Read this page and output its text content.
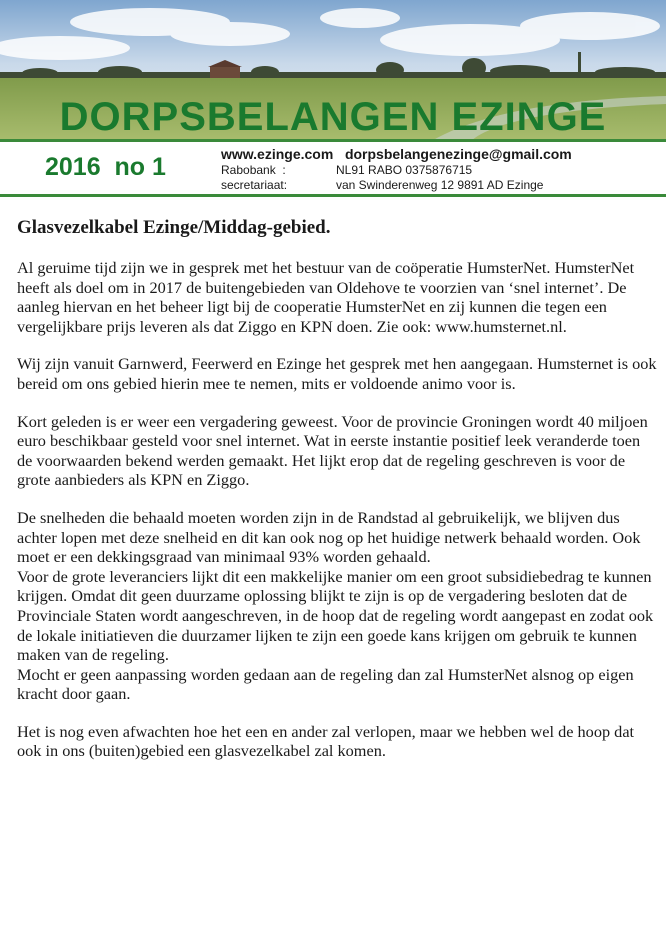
DORPSBELANGEN EZINGE
2016  no 1	www.ezinge.com dorpsbelangenezinge@gmail.com
Rabobank  :	NL91 RABO 0375876715
secretariaat:	van Swinderenweg 12 9891 AD Ezinge
Glasvezelkabel Ezinge/Middag-gebied.

Al geruime tijd zijn we in gesprek met het bestuur van de coöperatie HumsterNet. HumsterNet heeft als doel om in 2017 de buitengebieden van Oldehove te voorzien van ‘snel internet’. De aanleg hiervan en het beheer ligt bij de cooperatie HumsterNet en zij kunnen die tegen een vergelijkbare prijs leveren als dat Ziggo en KPN doen. Zie ook: www.humsternet.nl.

Wij zijn vanuit Garnwerd, Feerwerd en Ezinge het gesprek met hen aangegaan. Humsternet is ook bereid om ons gebied hierin mee te nemen, mits er voldoende animo voor is.

Kort geleden is er weer een vergadering geweest. Voor de provincie Groningen wordt 40 miljoen euro beschikbaar gesteld voor snel internet. Wat in eerste instantie positief leek veranderde toen de voorwaarden bekend werden gemaakt. Het lijkt erop dat de regeling geschreven is voor de grote aanbieders als KPN en Ziggo.

De snelheden die behaald moeten worden zijn in de Randstad al gebruikelijk, we blijven dus achter lopen met deze snelheid en dit kan ook nog op het huidige netwerk behaald worden. Ook moet er een dekkingsgraad van minimaal 93% worden gehaald.

Voor de grote leveranciers lijkt dit een makkelijke manier om een groot subsidiebedrag te kunnen krijgen. Omdat dit geen duurzame oplossing blijkt te zijn is op de vergadering besloten dat de Provinciale Staten wordt aangeschreven, in de hoop dat de regeling wordt aangepast en zodat ook de lokale initiatieven die duurzamer lijken te zijn een goede kans krijgen om gebruik te kunnen maken van de regeling.

Mocht er geen aanpassing worden gedaan aan de regeling dan zal HumsterNet alsnog op eigen kracht door gaan.

Het is nog even afwachten hoe het een en ander zal verlopen, maar we hebben wel de hoop dat ook in ons (buiten)gebied een glasvezelkabel zal komen.
